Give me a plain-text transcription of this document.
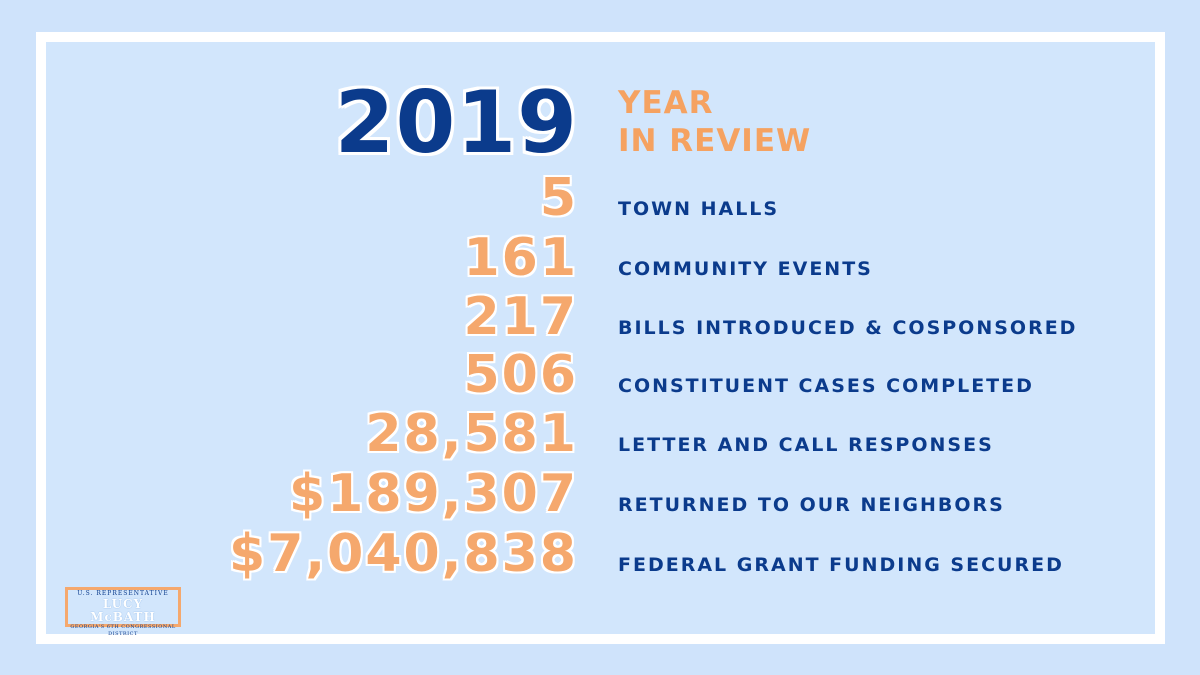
2019 YEAR
IN REVIEW
5 TOWN HALLS
161 COMMUNITY EVENTS
217 BILLS INTRODUCED & COSPONSORED
506 CONSTITUENT CASES COMPLETED
28,581 LETTER AND CALL RESPONSES
$189,307 RETURNED TO OUR NEIGHBORS
$7,040,838 FEDERAL GRANT FUNDING SECURED
U.S. REPRESENTATIVE
LUCY McBATH
GEORGIA'S 6TH CONGRESSIONAL DISTRICT
